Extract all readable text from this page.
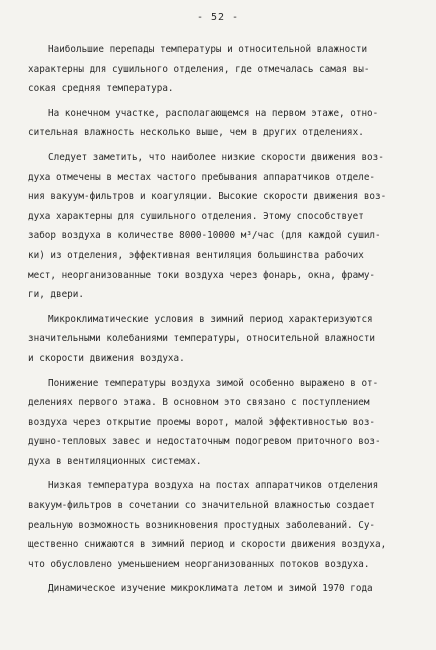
- 52 -
Наибольшие перепады температуры и относительной влажности
характерны для сушильного отделения, где отмечалась самая вы-
сокая средняя температура.
На конечном участке, располагающемся на первом этаже, отно-
сительная влажность несколько выше, чем в других отделениях.
Следует заметить, что наиболее низкие скорости движения воз-
духа отмечены в местах частого пребывания аппаратчиков отделе-
ния вакуум-фильтров и коагуляции. Высокие скорости движения воз-
духа характерны для сушильного отделения. Этому способствует
забор воздуха в количестве 8000-10000 м³/час (для каждой сушил-
ки) из отделения, эффективная вентиляция большинства рабочих
мест, неорганизованные токи воздуха через фонарь, окна, фраму-
ги, двери.
Микроклиматические условия в зимний период характеризуются
значительными колебаниями температуры, относительной влажности
и скорости движения воздуха.
Понижение температуры воздуха зимой особенно выражено в от-
делениях первого этажа. В основном это связано с поступлением
воздуха через открытие проемы ворот, малой эффективностью воз-
душно-тепловых завес и недостаточным подогревом приточного воз-
духа в вентиляционных системах.
Низкая температура воздуха на постах аппаратчиков отделения
вакуум-фильтров в сочетании со значительной влажностью создает
реальную возможность возникновения простудных заболеваний. Су-
щественно снижаются в зимний период и скорости движения воздуха,
что обусловлено уменьшением неорганизованных потоков воздуха.
Динамическое изучение микроклимата летом и зимой 1970 года
